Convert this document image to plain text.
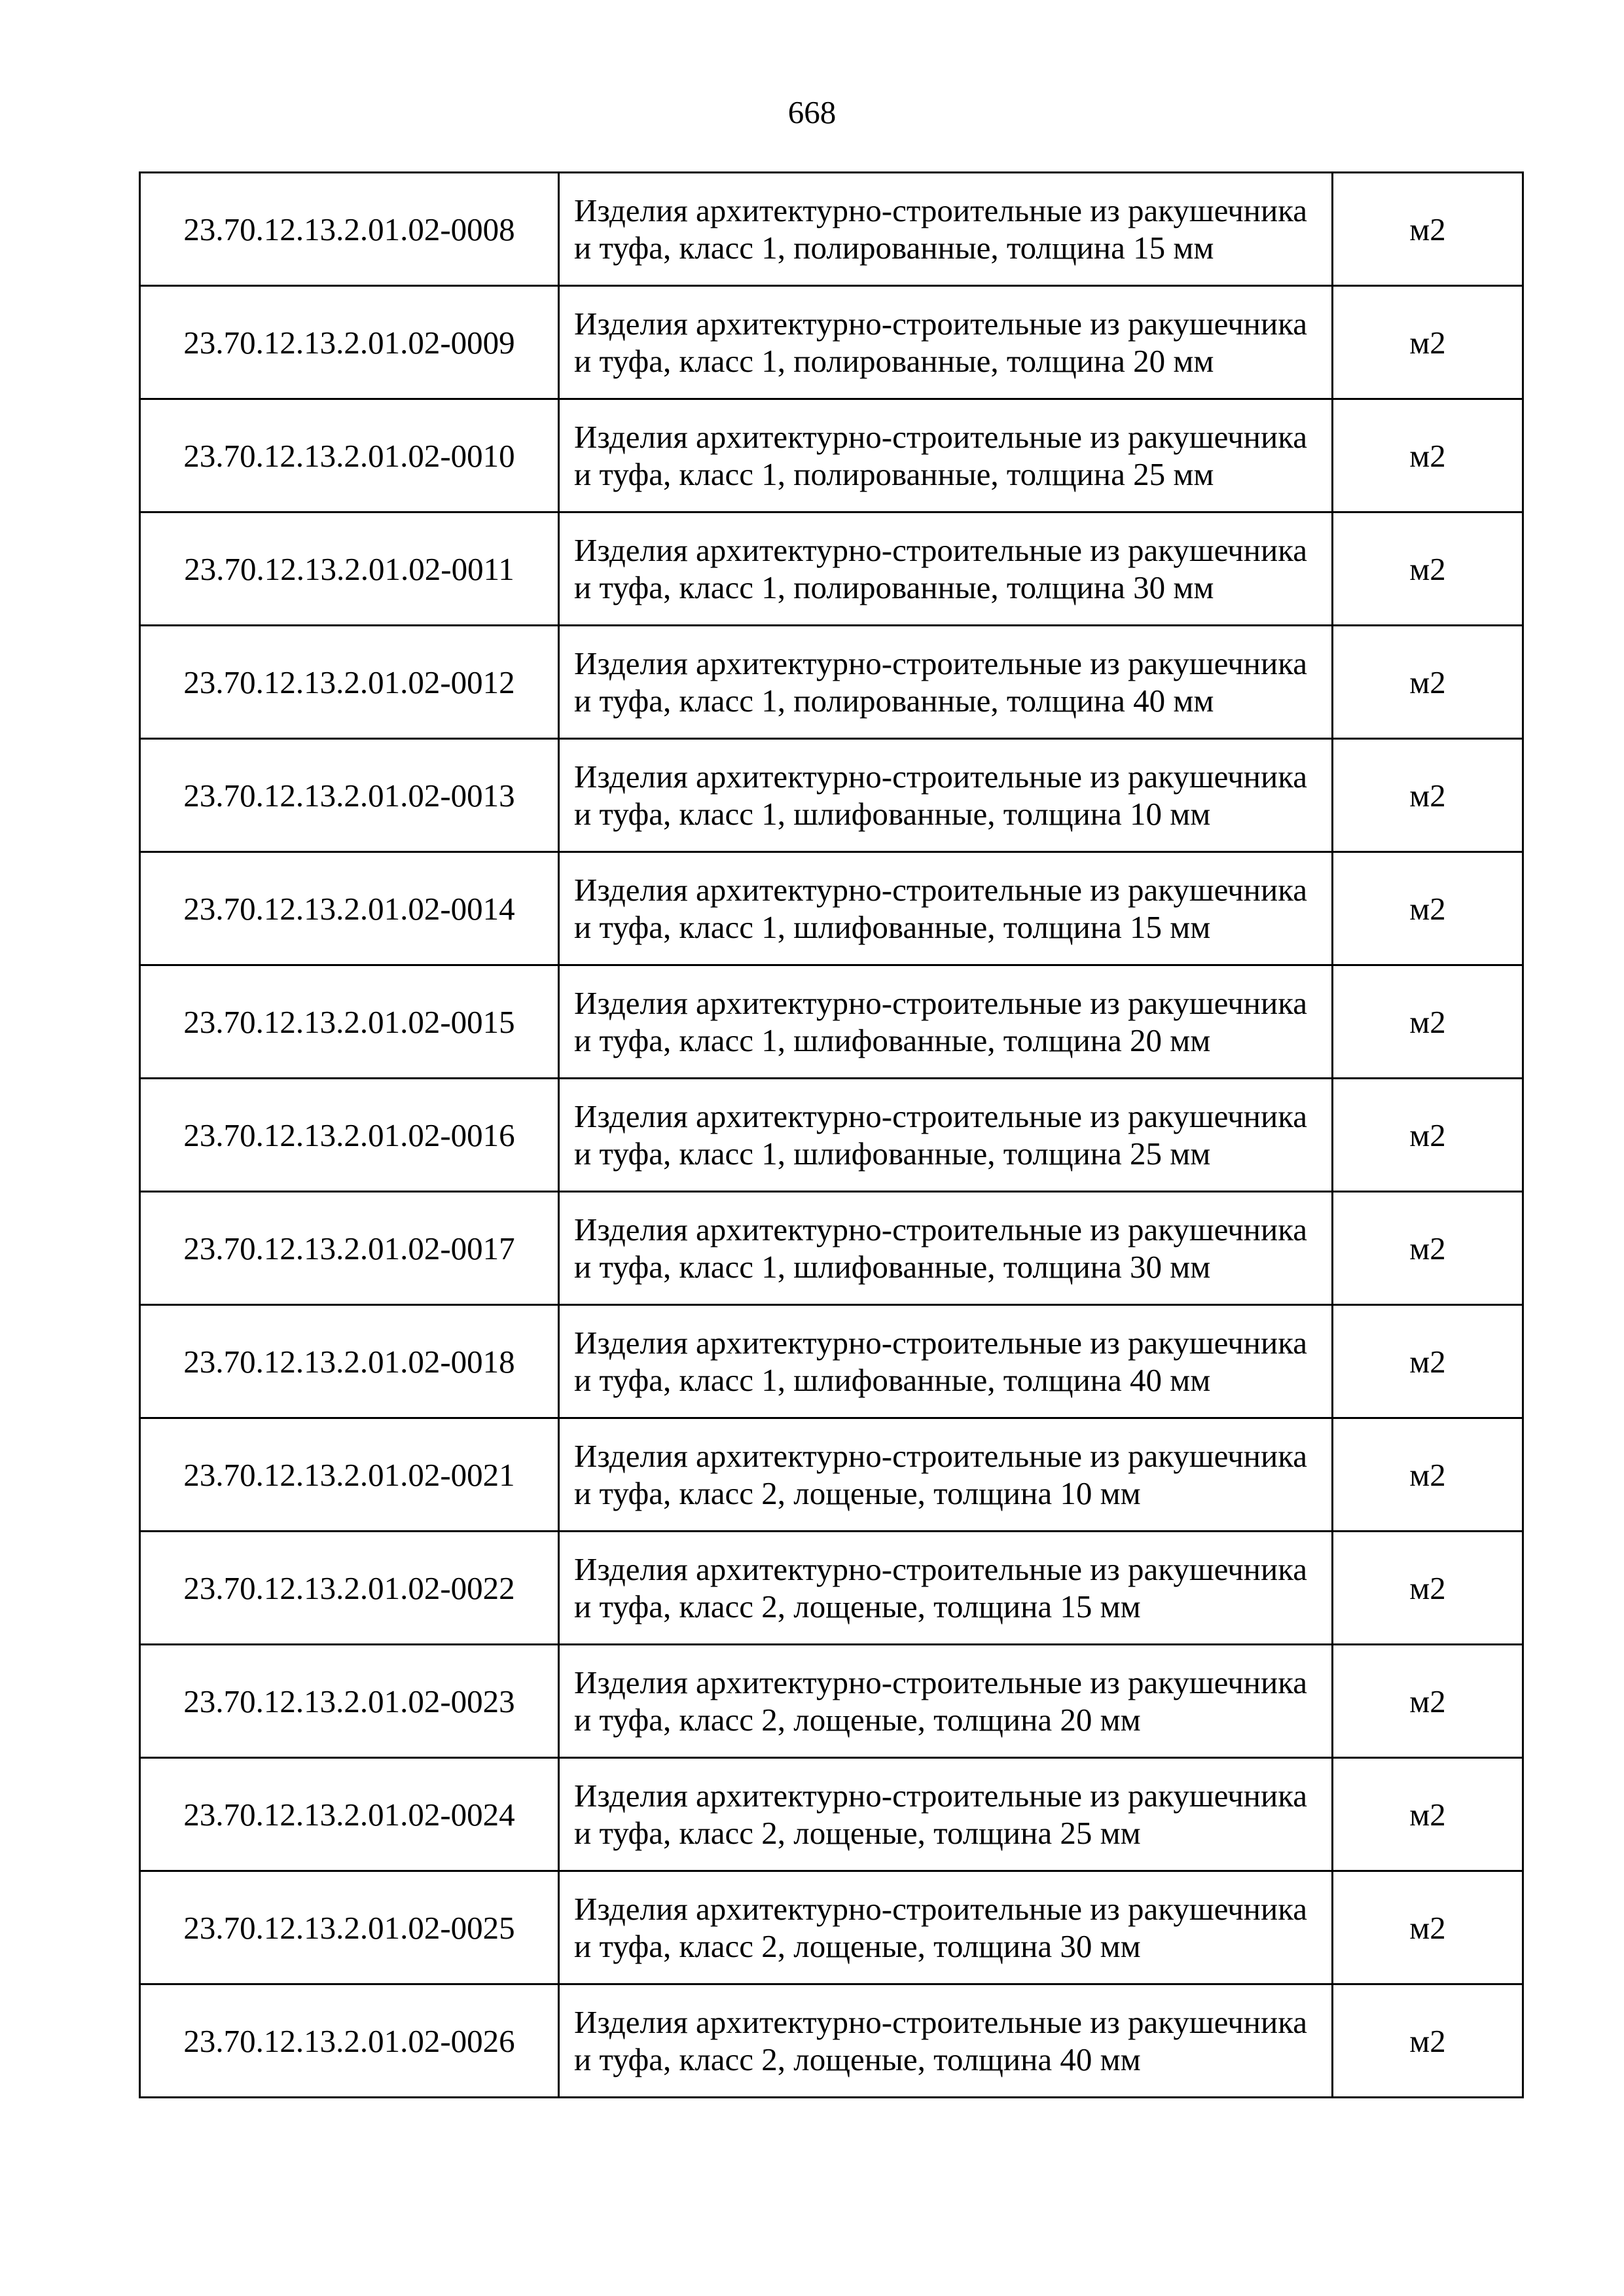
668
23.70.12.13.2.01.02-0008	Изделия архитектурно-строительные из ракушечника и туфа, класс 1, полированные, толщина 15 мм	м2
23.70.12.13.2.01.02-0009	Изделия архитектурно-строительные из ракушечника и туфа, класс 1, полированные, толщина 20 мм	м2
23.70.12.13.2.01.02-0010	Изделия архитектурно-строительные из ракушечника и туфа, класс 1, полированные, толщина 25 мм	м2
23.70.12.13.2.01.02-0011	Изделия архитектурно-строительные из ракушечника и туфа, класс 1, полированные, толщина 30 мм	м2
23.70.12.13.2.01.02-0012	Изделия архитектурно-строительные из ракушечника и туфа, класс 1, полированные, толщина 40 мм	м2
23.70.12.13.2.01.02-0013	Изделия архитектурно-строительные из ракушечника и туфа, класс 1, шлифованные, толщина 10 мм	м2
23.70.12.13.2.01.02-0014	Изделия архитектурно-строительные из ракушечника и туфа, класс 1, шлифованные, толщина 15 мм	м2
23.70.12.13.2.01.02-0015	Изделия архитектурно-строительные из ракушечника и туфа, класс 1, шлифованные, толщина 20 мм	м2
23.70.12.13.2.01.02-0016	Изделия архитектурно-строительные из ракушечника и туфа, класс 1, шлифованные, толщина 25 мм	м2
23.70.12.13.2.01.02-0017	Изделия архитектурно-строительные из ракушечника и туфа, класс 1, шлифованные, толщина 30 мм	м2
23.70.12.13.2.01.02-0018	Изделия архитектурно-строительные из ракушечника и туфа, класс 1, шлифованные, толщина 40 мм	м2
23.70.12.13.2.01.02-0021	Изделия архитектурно-строительные из ракушечника и туфа, класс 2, лощеные, толщина 10 мм	м2
23.70.12.13.2.01.02-0022	Изделия архитектурно-строительные из ракушечника и туфа, класс 2, лощеные, толщина 15 мм	м2
23.70.12.13.2.01.02-0023	Изделия архитектурно-строительные из ракушечника и туфа, класс 2, лощеные, толщина 20 мм	м2
23.70.12.13.2.01.02-0024	Изделия архитектурно-строительные из ракушечника и туфа, класс 2, лощеные, толщина 25 мм	м2
23.70.12.13.2.01.02-0025	Изделия архитектурно-строительные из ракушечника и туфа, класс 2, лощеные, толщина 30 мм	м2
23.70.12.13.2.01.02-0026	Изделия архитектурно-строительные из ракушечника и туфа, класс 2, лощеные, толщина 40 мм	м2
